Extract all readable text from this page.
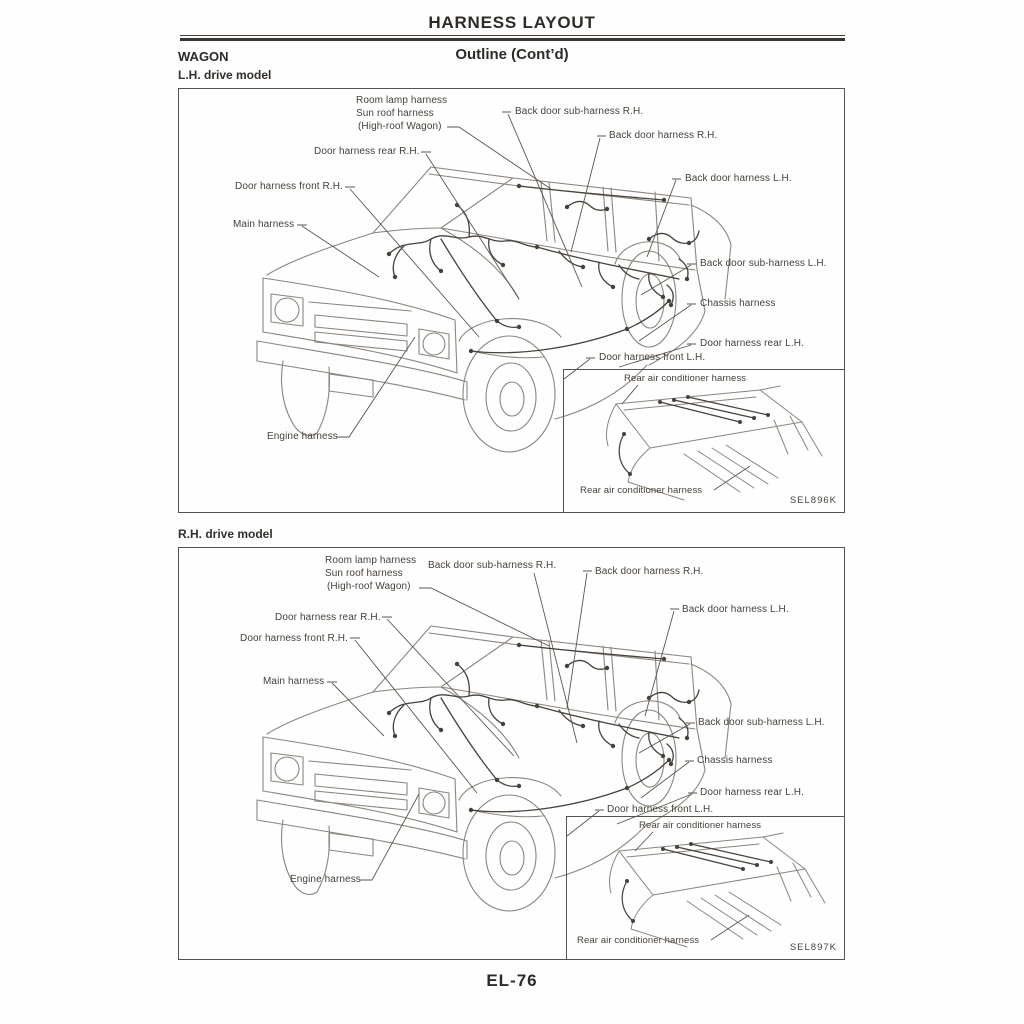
HARNESS LAYOUT
WAGON	Outline (Cont’d)
L.H. drive model
Room lamp harness
Sun roof harness
(High-roof Wagon)
Back door sub-harness R.H.
Back door harness R.H.
Door harness rear R.H.
Back door harness L.H.
Door harness front R.H.
Main harness
Back door sub-harness L.H.
Chassis harness
Door harness rear L.H.
Door harness front L.H.
Engine harness
Rear air conditioner harness
Rear air conditioner harness
SEL896K
R.H. drive model
Room lamp harness
Sun roof harness
(High-roof Wagon)
Back door sub-harness R.H.
Back door harness R.H.
Back door harness L.H.
Door harness rear R.H.
Door harness front R.H.
Main harness
Back door sub-harness L.H.
Chassis harness
Door harness rear L.H.
Door harness front L.H.
Engine harness
Rear air conditioner harness
Rear air conditioner harness
SEL897K
EL-76
